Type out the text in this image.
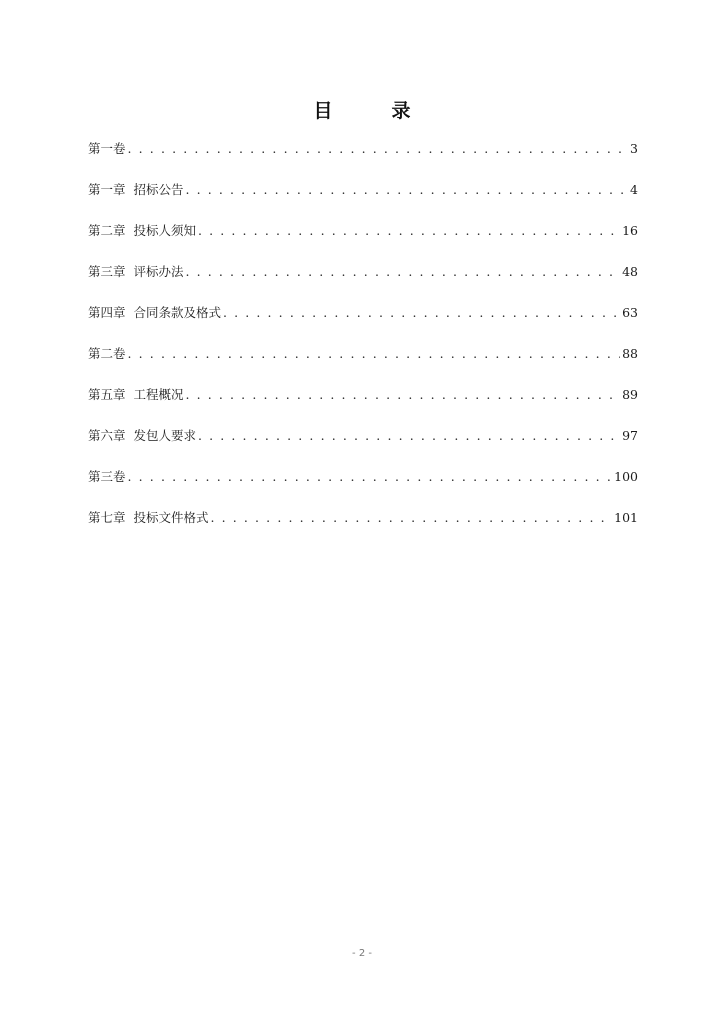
目　录
第一卷 . . .	3
第一章  招标公告 . . .	4
第二章  投标人须知 . . .	16
第三章  评标办法 . . .	48
第四章  合同条款及格式 . . .	63
第二卷 . . .	88
第五章  工程概况 . . .	89
第六章  发包人要求 . . .	97
第三卷 . . .	100
第七章  投标文件格式 . . .	101
- 2 -
